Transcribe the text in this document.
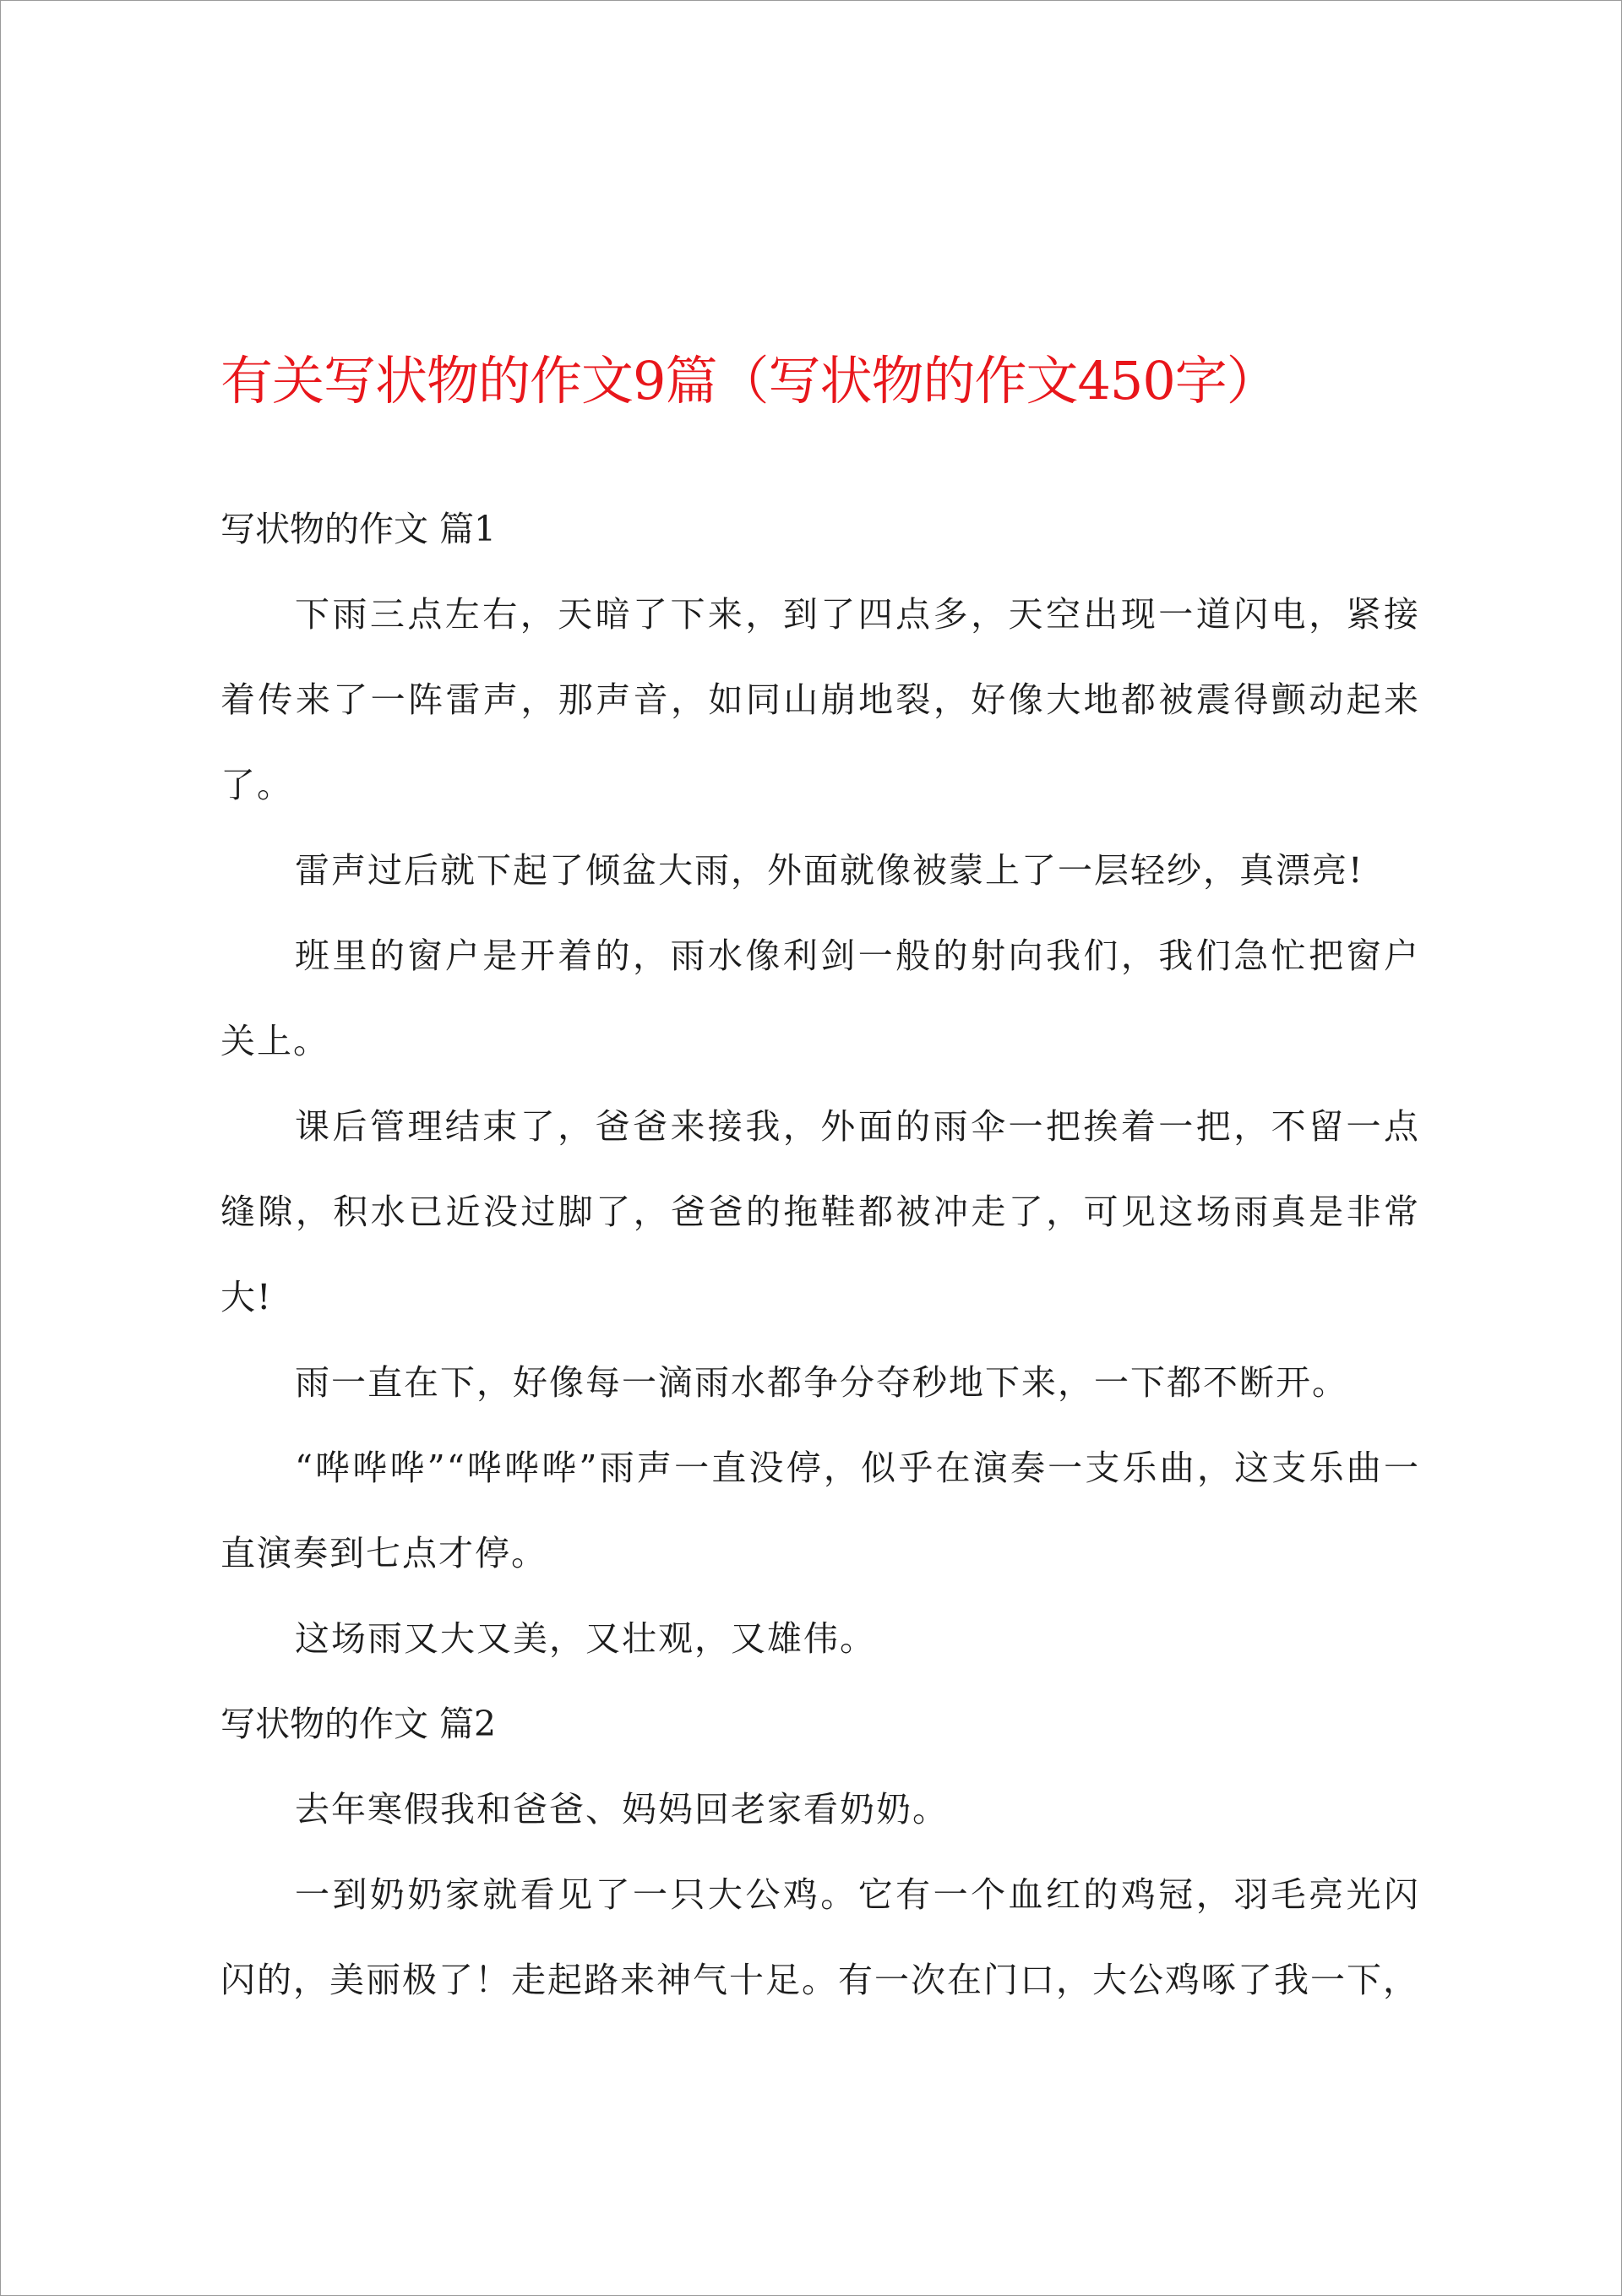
有关写状物的作文9篇（写状物的作文450字）
写状物的作文 篇1

下雨三点左右，天暗了下来，到了四点多，天空出现一道闪电，紧接着传来了一阵雷声，那声音，如同山崩地裂，好像大地都被震得颤动起来了。

雷声过后就下起了倾盆大雨，外面就像被蒙上了一层轻纱，真漂亮!

班里的窗户是开着的，雨水像利剑一般的射向我们，我们急忙把窗户关上。

课后管理结束了，爸爸来接我，外面的雨伞一把挨着一把，不留一点缝隙，积水已近没过脚了，爸爸的拖鞋都被冲走了，可见这场雨真是非常大!

雨一直在下，好像每一滴雨水都争分夺秒地下来，一下都不断开。

“哗哗哗”“哗哗哗”雨声一直没停，似乎在演奏一支乐曲，这支乐曲一直演奏到七点才停。

这场雨又大又美，又壮观，又雄伟。

写状物的作文 篇2

去年寒假我和爸爸、妈妈回老家看奶奶。

一到奶奶家就看见了一只大公鸡。它有一个血红的鸡冠，羽毛亮光闪闪的，美丽极了！走起路来神气十足。有一次在门口，大公鸡啄了我一下，
